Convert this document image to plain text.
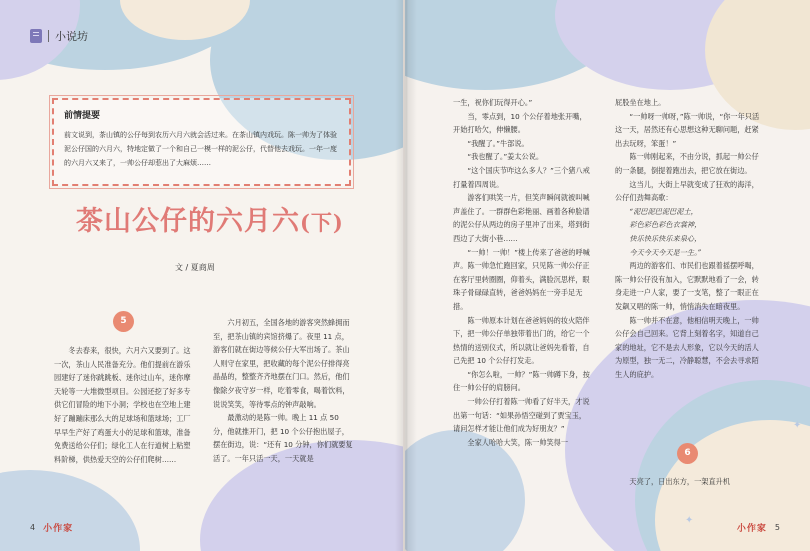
小说坊
前情提要
前文说到，茶山镇的公仔每到农历六月六就会活过来。在茶山镇内戏玩。陈一帅为了体验泥公仔国的六月六，特地定做了一个和自己一模一样的泥公仔，代替他去戏玩。一年一度的六月六又来了，一帅公仔却惹出了大麻烦……
茶山公仔的六月六(下)
文 / 夏商周
5

冬去春来，很快，六月六又要到了。这一次，茶山人民准备充分。他们提前在游乐园建好了迷你跳跳板、迷你过山车，迷你摩天轮等一大堆微型项目。公园还挖了好多专供它们冒险的地下小洞；学校也在空地上建好了蹦蹦床那么大的足球场和篮球场；工厂早早生产好了鸡蛋大小的足球和篮球，准备免费送给公仔们；绿化工人在行道树上粘塑料阶梯，供热爱天空的公仔们爬树……

六月初五，全国各地的游客突然蜂拥而至，把茶山镇的宾馆挤爆了。夜里 11 点，游客们就在街边等候公仔大军出场了。茶山人则守在家里，把收藏的每个泥公仔排得亮晶晶的，整整齐齐地摆在门口。然后，他们像除夕夜守岁一样，吃着零食，喝着饮料，说说笑笑，等待零点的钟声敲响。

最激动的是陈一帅。晚上 11 点 50分，他就推开门，把 10 个公仔抱出屋子，摆在街边，说：“还有 10 分钟，你们就要复活了。一年只活一天，一天就是

4 小作家
✦
✦

一生，祝你们玩得开心。”

当，零点到，10 个公仔着地张开嘴，开始打哈欠，伸懒腰。

“我醒了。”牛部说。

“我也醒了。”姜太公说。

“这个国庆节咋这么多人？”三个猪八戒打量着四周说。

游客们哄笑一片，但笑声瞬间就被叫喊声盖住了。一群群色彩艳丽、画着各种脸谱的泥公仔从两边的房子里冲了出来，塔到街西边了大街小巷……

“一帅！一帅！”楼上传来了爸爸的呼喊声。陈一帅急忙跑回家，只见陈一帅公仔正在客厅里转圈圈，仰着头，满脸沉思样，眼珠子骨碌碌直转，爸爸妈妈在一旁手足无措。

陈一帅原本计划在爸爸妈妈的妆火陪伴下，把一帅公仔单独带着出门的，给它一个热情的送别仪式，所以就让爸妈先看着，自己先把 10 个公仔打发走。

“你怎么啦，一帅？”陈一帅蹲下身，按住一帅公仔的肩膀问。

一帅公仔打着陈一帅看了好半天，才说出第一句话：“如果孙悟空碰到了贾宝玉，请问怎样才能让他们成为好朋友？”

全家人哈哈大笑，陈一帅笑得一

屁股坐在地上。

“一帅呀一帅呀，”陈一帅说，“你一年只活这一天，居然还有心思想这种无聊问题，赶紧出去玩呀，笨蛋！”

陈一帅刚起来，不由分说，抓起一帅公仔的一条腿，倒提着跑出去，把它放在街边。

这当儿，大街上早就变成了狂欢的海洋，公仔们劲舞高歌：

“泥巴泥巴泥巴泥土，

彩色彩色彩色衣裳神，

快乐快乐快乐来泉心，

今天今天今天是一生。”

两边的游客们、市民们也跟着摇摆呼喝，陈一帅公仔没有加入，它默默地看了一会，转身走进一户人家，要了一支笔，整了一眼正在发飙又唱的陈一帅，悄悄消失在暗夜里。

陈一帅并不在意，他相信明天晚上，一帅公仔会自己回来。它背上刻着名字，知道自己家的地址，它不是去人形象，它以今天的活人为原型，独一无二，冷静聪慧，不会去寻求陌生人的庇护。

6

天亮了，日出东方，一架直升机

小作家 5
